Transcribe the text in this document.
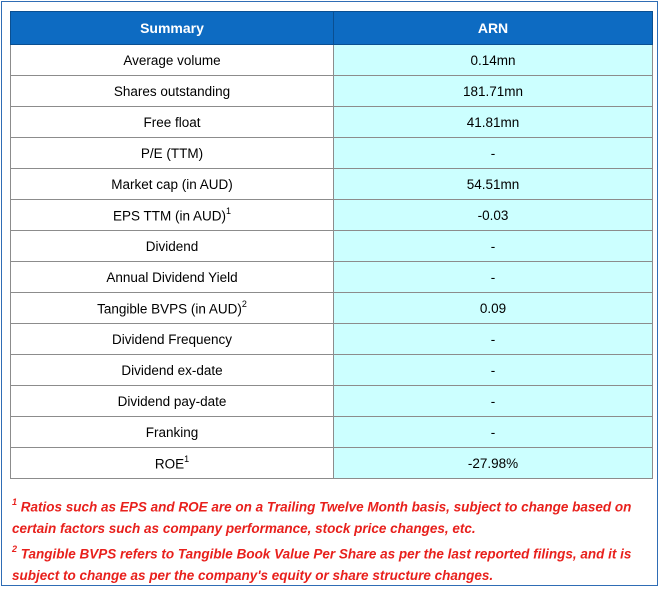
Summary	ARN
Average volume	0.14mn
Shares outstanding	181.71mn
Free float	41.81mn
P/E (TTM)	-
Market cap (in AUD)	54.51mn
EPS TTM (in AUD)$^1$	-0.03
Dividend	-
Annual Dividend Yield	-
Tangible BVPS (in AUD)$^2$	0.09
Dividend Frequency	-
Dividend ex-date	-
Dividend pay-date	-
Franking	-
ROE$^1$	-27.98%

$^1$ Ratios such as EPS and ROE are on a Trailing Twelve Month basis, subject to change based on

certain factors such as company performance, stock price changes, etc.

$^2$ Tangible BVPS refers to Tangible Book Value Per Share as per the last reported filings, and it is

subject to change as per the company's equity or share structure changes.
